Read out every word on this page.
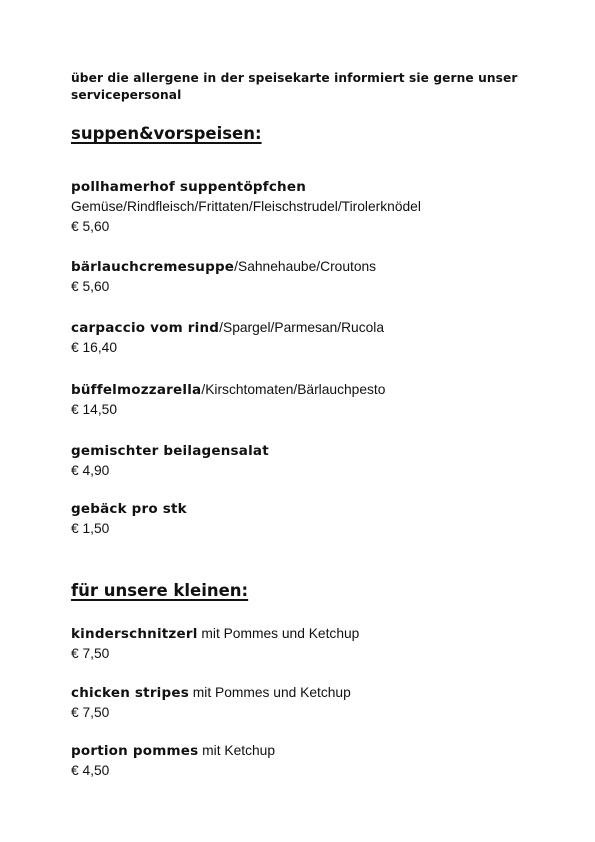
über die allergene in der speisekarte informiert sie gerne unser servicepersonal
suppen&vorspeisen:
pollhamerhof suppentöpfchen
Gemüse/Rindfleisch/Frittaten/Fleischstrudel/Tirolerknödel
€ 5,60
bärlauchcremesuppe/Sahnehaube/Croutons
€ 5,60
carpaccio vom rind/Spargel/Parmesan/Rucola
€ 16,40
büffelmozzarella/Kirschtomaten/Bärlauchpesto
€ 14,50
gemischter beilagensalat
€ 4,90
gebäck pro stk
€ 1,50
für unsere kleinen:
kinderschnitzerl mit Pommes und Ketchup
€ 7,50
chicken stripes mit Pommes und Ketchup
€ 7,50
portion pommes mit Ketchup
€ 4,50
